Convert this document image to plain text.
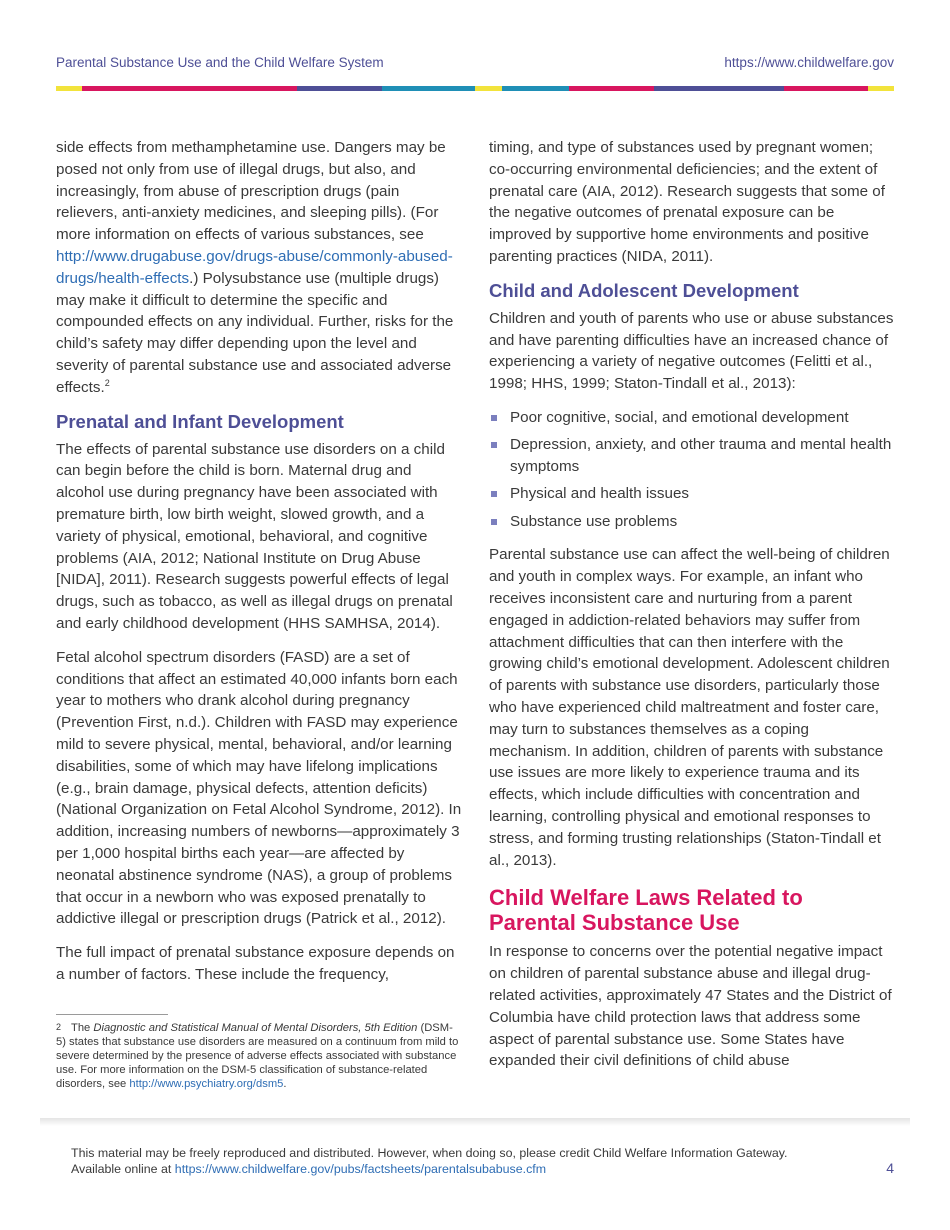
Parental Substance Use and the Child Welfare System	https://www.childwelfare.gov

side effects from methamphetamine use. Dangers may be posed not only from use of illegal drugs, but also, and increasingly, from abuse of prescription drugs (pain relievers, anti-anxiety medicines, and sleeping pills). (For more information on effects of various substances, see http://www.drugabuse.gov/drugs-abuse/commonly-abused-drugs/health-effects.) Polysubstance use (multiple drugs) may make it difficult to determine the specific and compounded effects on any individual. Further, risks for the child’s safety may differ depending upon the level and severity of parental substance use and associated adverse effects.$^2$

Prenatal and Infant Development

The effects of parental substance use disorders on a child can begin before the child is born. Maternal drug and alcohol use during pregnancy have been associated with premature birth, low birth weight, slowed growth, and a variety of physical, emotional, behavioral, and cognitive problems (AIA, 2012; National Institute on Drug Abuse [NIDA], 2011). Research suggests powerful effects of legal drugs, such as tobacco, as well as illegal drugs on prenatal and early childhood development (HHS SAMHSA, 2014).

Fetal alcohol spectrum disorders (FASD) are a set of conditions that affect an estimated 40,000 infants born each year to mothers who drank alcohol during pregnancy (Prevention First, n.d.). Children with FASD may experience mild to severe physical, mental, behavioral, and/or learning disabilities, some of which may have lifelong implications (e.g., brain damage, physical defects, attention deficits) (National Organization on Fetal Alcohol Syndrome, 2012). In addition, increasing numbers of newborns—approximately 3 per 1,000 hospital births each year—are affected by neonatal abstinence syndrome (NAS), a group of problems that occur in a newborn who was exposed prenatally to addictive illegal or prescription drugs (Patrick et al., 2012).

The full impact of prenatal substance exposure depends on a number of factors. These include the frequency,

2 The Diagnostic and Statistical Manual of Mental Disorders, 5th Edition (DSM-5) states that substance use disorders are measured on a continuum from mild to severe determined by the presence of adverse effects associated with substance use. For more information on the DSM-5 classification of substance-related disorders, see http://www.psychiatry.org/dsm5.

timing, and type of substances used by pregnant women; co-occurring environmental deficiencies; and the extent of prenatal care (AIA, 2012). Research suggests that some of the negative outcomes of prenatal exposure can be improved by supportive home environments and positive parenting practices (NIDA, 2011).

Child and Adolescent Development

Children and youth of parents who use or abuse substances and have parenting difficulties have an increased chance of experiencing a variety of negative outcomes (Felitti et al., 1998; HHS, 1999; Staton-Tindall et al., 2013):

Poor cognitive, social, and emotional development
Depression, anxiety, and other trauma and mental health symptoms
Physical and health issues
Substance use problems

Parental substance use can affect the well-being of children and youth in complex ways. For example, an infant who receives inconsistent care and nurturing from a parent engaged in addiction-related behaviors may suffer from attachment difficulties that can then interfere with the growing child’s emotional development. Adolescent children of parents with substance use disorders, particularly those who have experienced child maltreatment and foster care, may turn to substances themselves as a coping mechanism. In addition, children of parents with substance use issues are more likely to experience trauma and its effects, which include difficulties with concentration and learning, controlling physical and emotional responses to stress, and forming trusting relationships (Staton-Tindall et al., 2013).

Child Welfare Laws Related to Parental Substance Use

In response to concerns over the potential negative impact on children of parental substance abuse and illegal drug-related activities, approximately 47 States and the District of Columbia have child protection laws that address some aspect of parental substance use. Some States have expanded their civil definitions of child abuse

This material may be freely reproduced and distributed. However, when doing so, please credit Child Welfare Information Gateway.
Available online at https://www.childwelfare.gov/pubs/factsheets/parentalsubabuse.cfm	4
